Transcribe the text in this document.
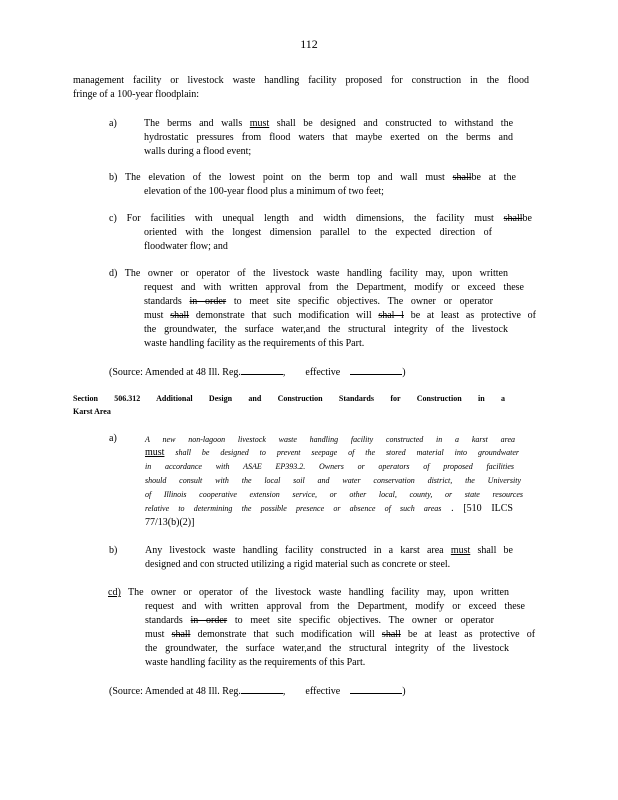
112
management facility or livestock waste handling facility proposed for construction in the flood
fringe of a 100-year floodplain:
a)	The berms and walls must shall be designed and constructed to withstand the
hydrostatic pressures from flood waters that maybe exerted on the berms and
walls during a flood event;
b) The elevation of the lowest point on the berm top and wall must shallbe at the
elevation of the 100-year flood plus a minimum of two feet;
c) For facilities with unequal length and width dimensions, the facility must shallbe
oriented with the longest dimension parallel to the expected direction of
floodwater flow; and
d) The owner or operator of the livestock waste handling facility may, upon written
request and with written approval from the Department, modify or exceed these
standards in order to meet site specific objectives. The owner or operator
must shall demonstrate that such modification will shal l be at least as protective of
the groundwater, the surface water,and the structural integrity of the livestock
waste handling facility as the requirements of this Part.
(Source: Amended at 48 Ill. Reg.	, effective	)
Section 506.312 Additional Design and Construction Standards for Construction in a
Karst Area
a)	A new non-lagoon livestock waste handling facility constructed in a karst area
must shall be designed to prevent seepage of the stored material into groundwater
in accordance with ASAE EP393.2. Owners or operators of proposed facilities
should consult with the local soil and water conservation district, the University
of Illinois cooperative extension service, or other local, county, or state resources
relative to determining the possible presence or absence of such areas . [510 ILCS
77/13(b)(2)]
b)	Any livestock waste handling facility constructed in a karst area must shall be
designed and con structed utilizing a rigid material such as concrete or steel.
cd) The owner or operator of the livestock waste handling facility may, upon written
request and with written approval from the Department, modify or exceed these
standards in order to meet site specific objectives. The owner or operator
must shall demonstrate that such modification will shall be at least as protective of
the groundwater, the surface water,and the structural integrity of the livestock
waste handling facility as the requirements of this Part.
(Source: Amended at 48 Ill. Reg.	, effective	)
